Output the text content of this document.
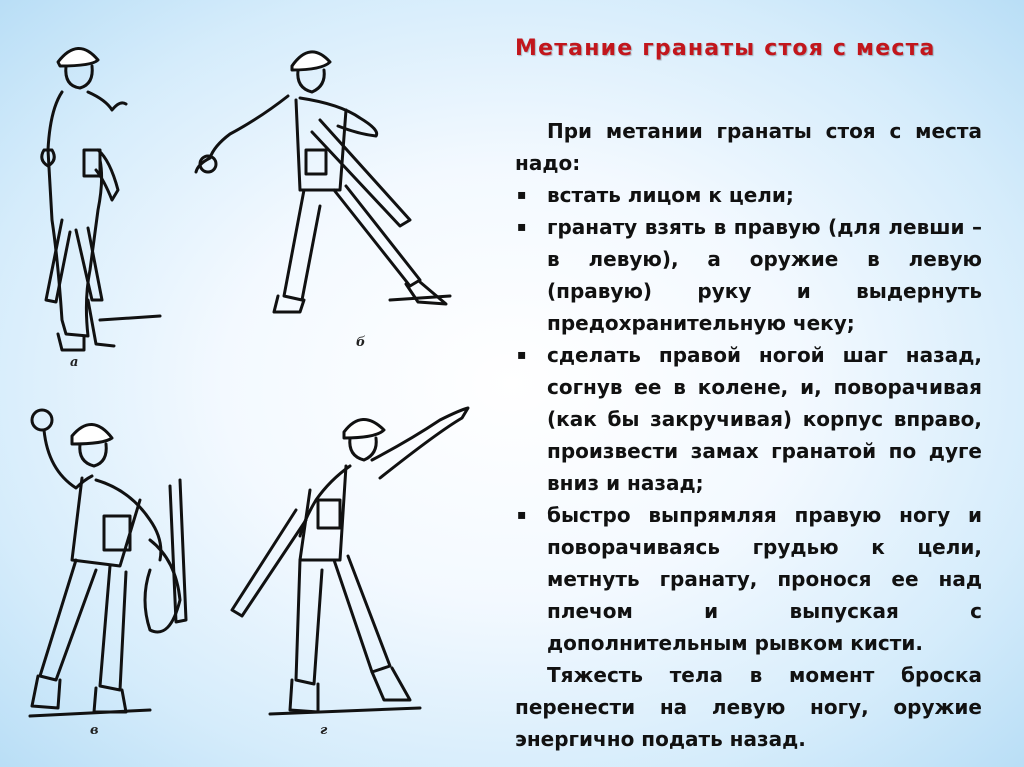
а
б
в	г
Метание гранаты стоя с места

При метании гранаты стоя с места надо:

▪ встать лицом к цели;
▪ гранату взять в правую (для левши – в левую), а оружие в левую (правую) руку и выдернуть предохранительную чеку;
▪ сделать правой ногой шаг назад, согнув ее в колене, и, поворачивая (как бы закручивая) корпус вправо, произвести замах гранатой по дуге вниз и назад;
▪ быстро выпрямляя правую ногу и поворачиваясь грудью к цели, метнуть гранату, пронося ее над плечом и выпуская с дополнительным рывком кисти.

Тяжесть тела в момент броска перенести на левую ногу, оружие энергично подать назад.
